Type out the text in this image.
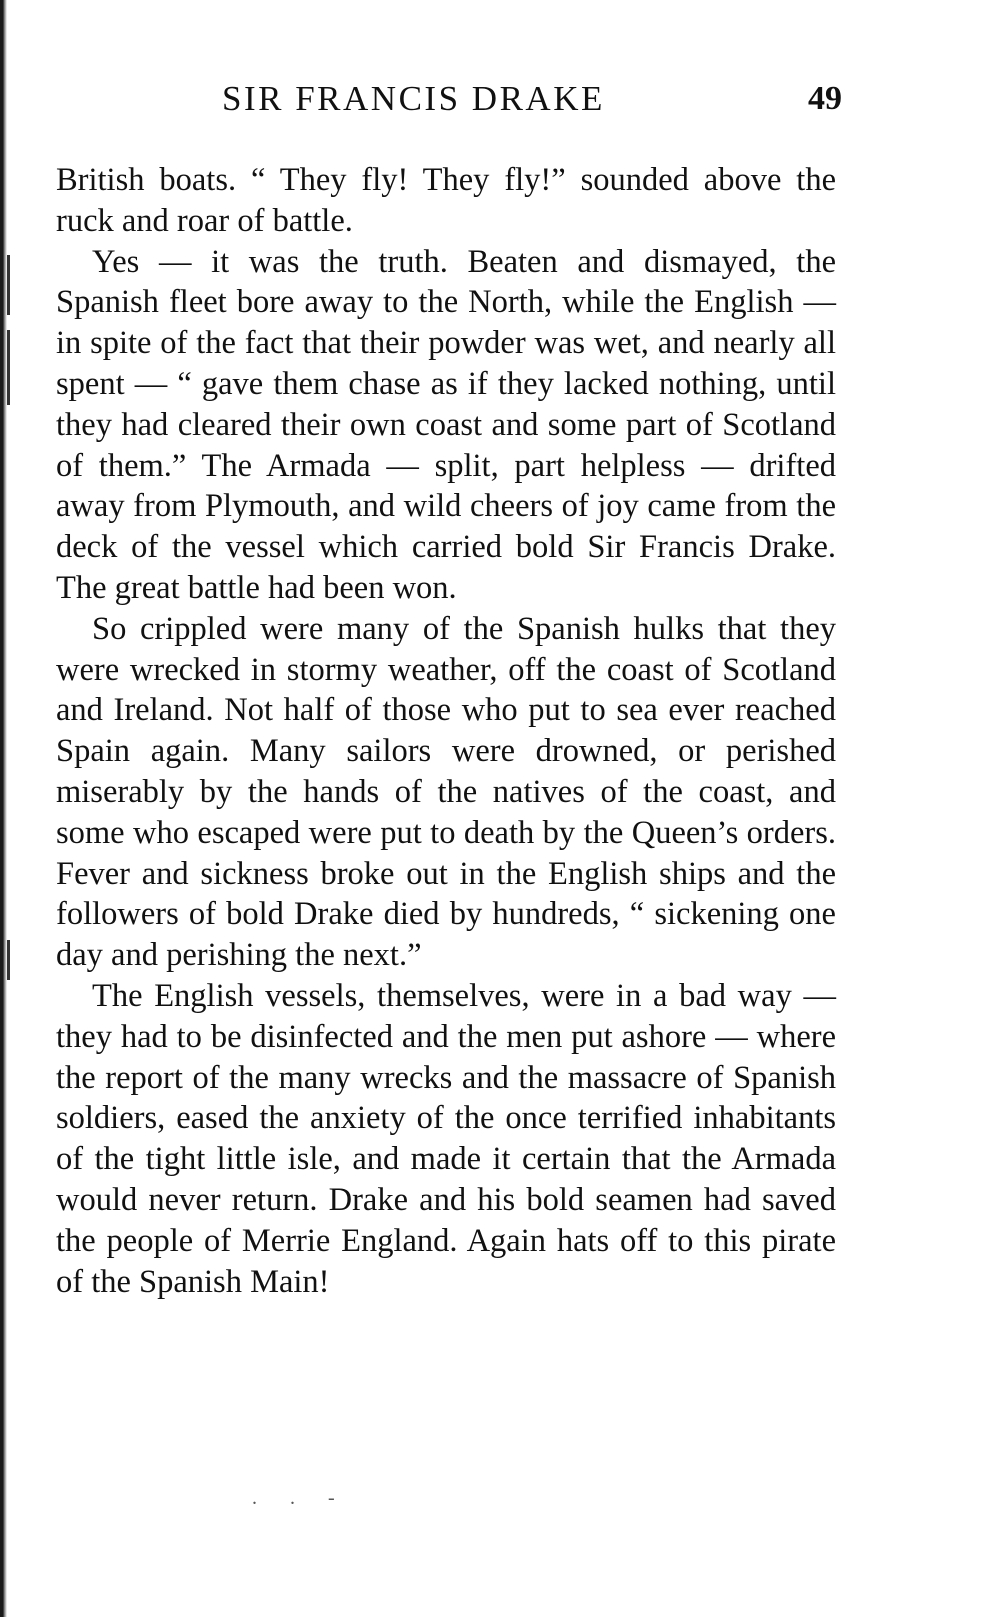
SIR FRANCIS DRAKE	49

British boats. “ They fly! They fly!” sounded above the ruck and roar of battle.

Yes — it was the truth. Beaten and dismayed, the Spanish fleet bore away to the North, while the English — in spite of the fact that their powder was wet, and nearly all spent — “ gave them chase as if they lacked nothing, until they had cleared their own coast and some part of Scotland of them.” The Armada — split, part helpless — drifted away from Plymouth, and wild cheers of joy came from the deck of the vessel which carried bold Sir Francis Drake. The great battle had been won.

So crippled were many of the Spanish hulks that they were wrecked in stormy weather, off the coast of Scotland and Ireland. Not half of those who put to sea ever reached Spain again. Many sailors were drowned, or perished miserably by the hands of the natives of the coast, and some who escaped were put to death by the Queen’s orders. Fever and sickness broke out in the English ships and the followers of bold Drake died by hundreds, “ sickening one day and perishing the next.”

The English vessels, themselves, were in a bad way — they had to be disinfected and the men put ashore — where the report of the many wrecks and the massacre of Spanish soldiers, eased the anxiety of the once terrified inhabitants of the tight little isle, and made it certain that the Armada would never return. Drake and his bold seamen had saved the people of Merrie England. Again hats off to this pirate of the Spanish Main!

. . -
